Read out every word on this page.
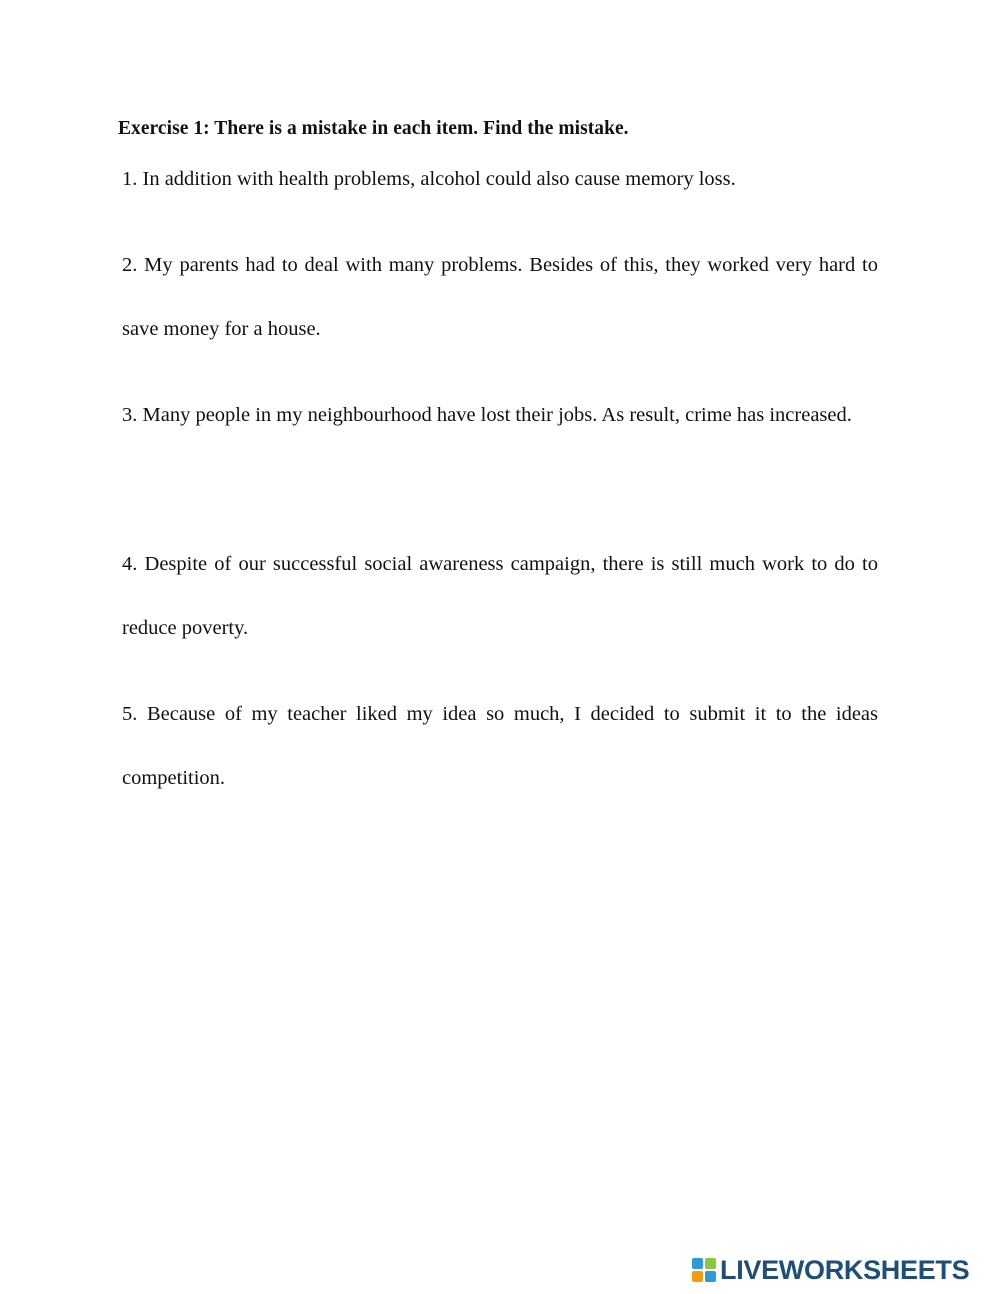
Exercise 1: There is a mistake in each item. Find the mistake.
1. In addition with health problems, alcohol could also cause memory loss.
2. My parents had to deal with many problems. Besides of this, they worked very hard to save money for a house.
3. Many people in my neighbourhood have lost their jobs. As result, crime has increased.
4. Despite of our successful social awareness campaign, there is still much work to do to reduce poverty.
5. Because of my teacher liked my idea so much, I decided to submit it to the ideas competition.
LIVEWORKSHEETS
